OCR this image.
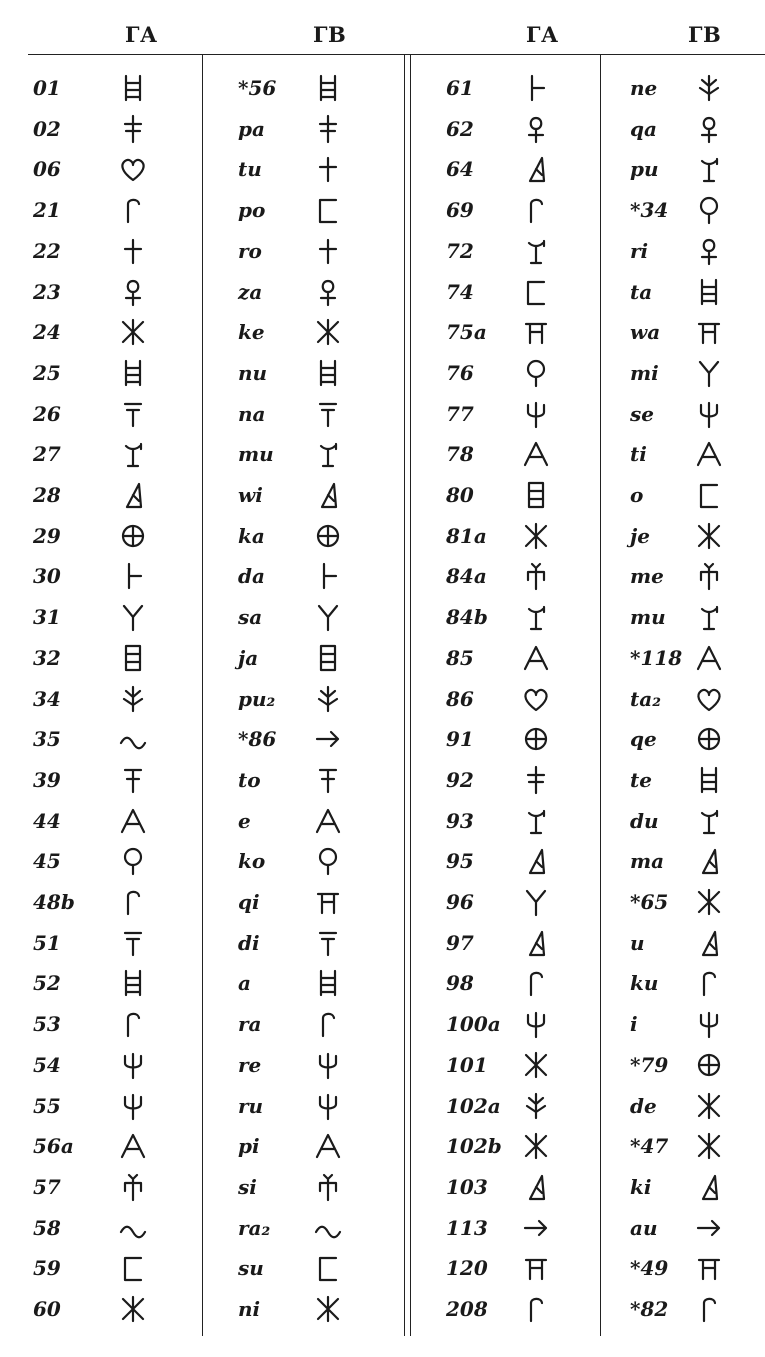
ГА	ГВ	ГА	ГВ
01	*56	61	ne
02	pa	62	qa
06	tu	64	pu
21	po	69	*34
22	ro	72	ri
23	za	74	ta
24	ke	75a	wa
25	nu	76	mi
26	na	77	se
27	mu	78	ti
28	wi	80	o
29	ka	81a	je
30	da	84a	me
31	sa	84b	mu
32	ja	85	*118
34	pu₂	86	ta₂
35	*86	91	qe
39	to	92	te
44	e	93	du
45	ko	95	ma
48b	qi	96	*65
51	di	97	u
52	a	98	ku
53	ra	100a	i
54	re	101	*79
55	ru	102a	de
56a	pi	102b	*47
57	si	103	ki
58	ra₂	113	au
59	su	120	*49
60	ni	208	*82
